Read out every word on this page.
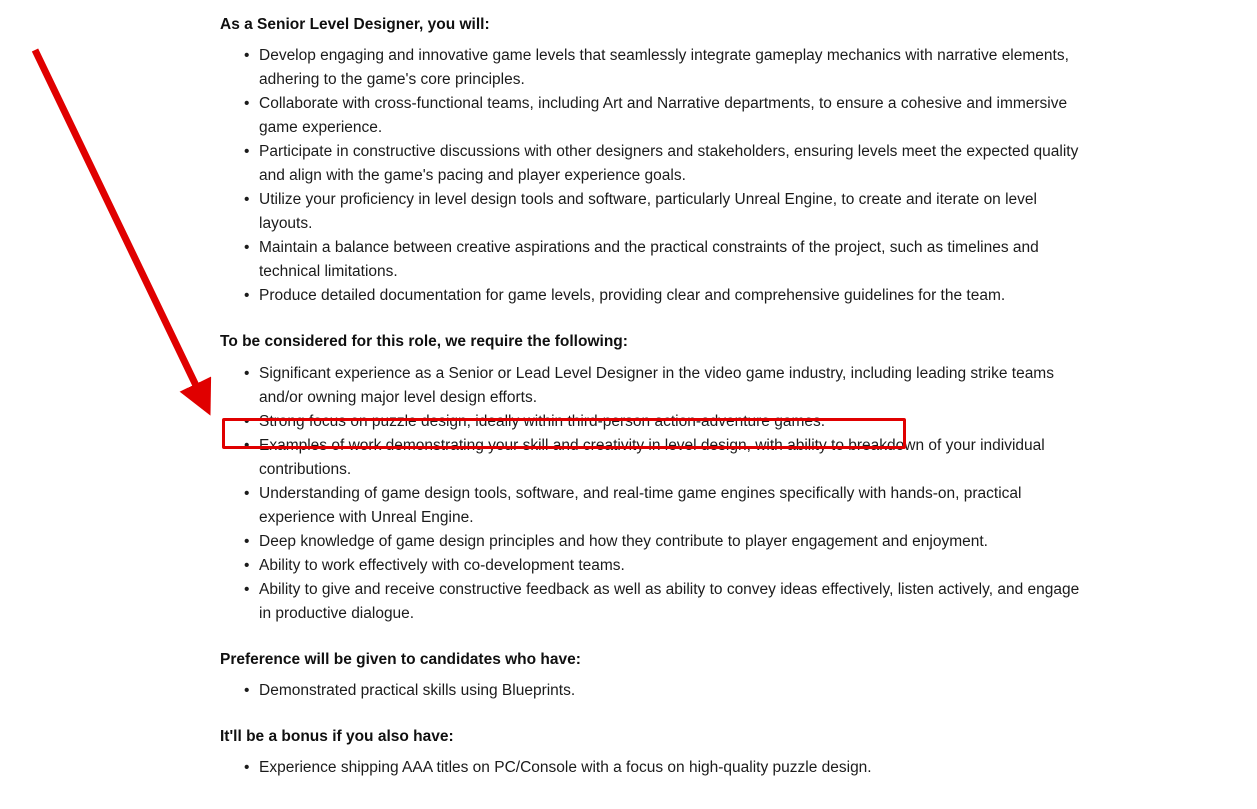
As a Senior Level Designer, you will:
• Develop engaging and innovative game levels that seamlessly integrate gameplay mechanics with narrative elements, adhering to the game's core principles.
• Collaborate with cross-functional teams, including Art and Narrative departments, to ensure a cohesive and immersive game experience.
• Participate in constructive discussions with other designers and stakeholders, ensuring levels meet the expected quality and align with the game's pacing and player experience goals.
• Utilize your proficiency in level design tools and software, particularly Unreal Engine, to create and iterate on level layouts.
• Maintain a balance between creative aspirations and the practical constraints of the project, such as timelines and technical limitations.
• Produce detailed documentation for game levels, providing clear and comprehensive guidelines for the team.
To be considered for this role, we require the following:
• Significant experience as a Senior or Lead Level Designer in the video game industry, including leading strike teams and/or owning major level design efforts.
• Strong focus on puzzle design, ideally within third-person action-adventure games.
• Examples of work demonstrating your skill and creativity in level design, with ability to breakdown of your individual contributions.
• Understanding of game design tools, software, and real-time game engines specifically with hands-on, practical experience with Unreal Engine.
• Deep knowledge of game design principles and how they contribute to player engagement and enjoyment.
• Ability to work effectively with co-development teams.
• Ability to give and receive constructive feedback as well as ability to convey ideas effectively, listen actively, and engage in productive dialogue.
Preference will be given to candidates who have:
• Demonstrated practical skills using Blueprints.
It'll be a bonus if you also have:
• Experience shipping AAA titles on PC/Console with a focus on high-quality puzzle design.
